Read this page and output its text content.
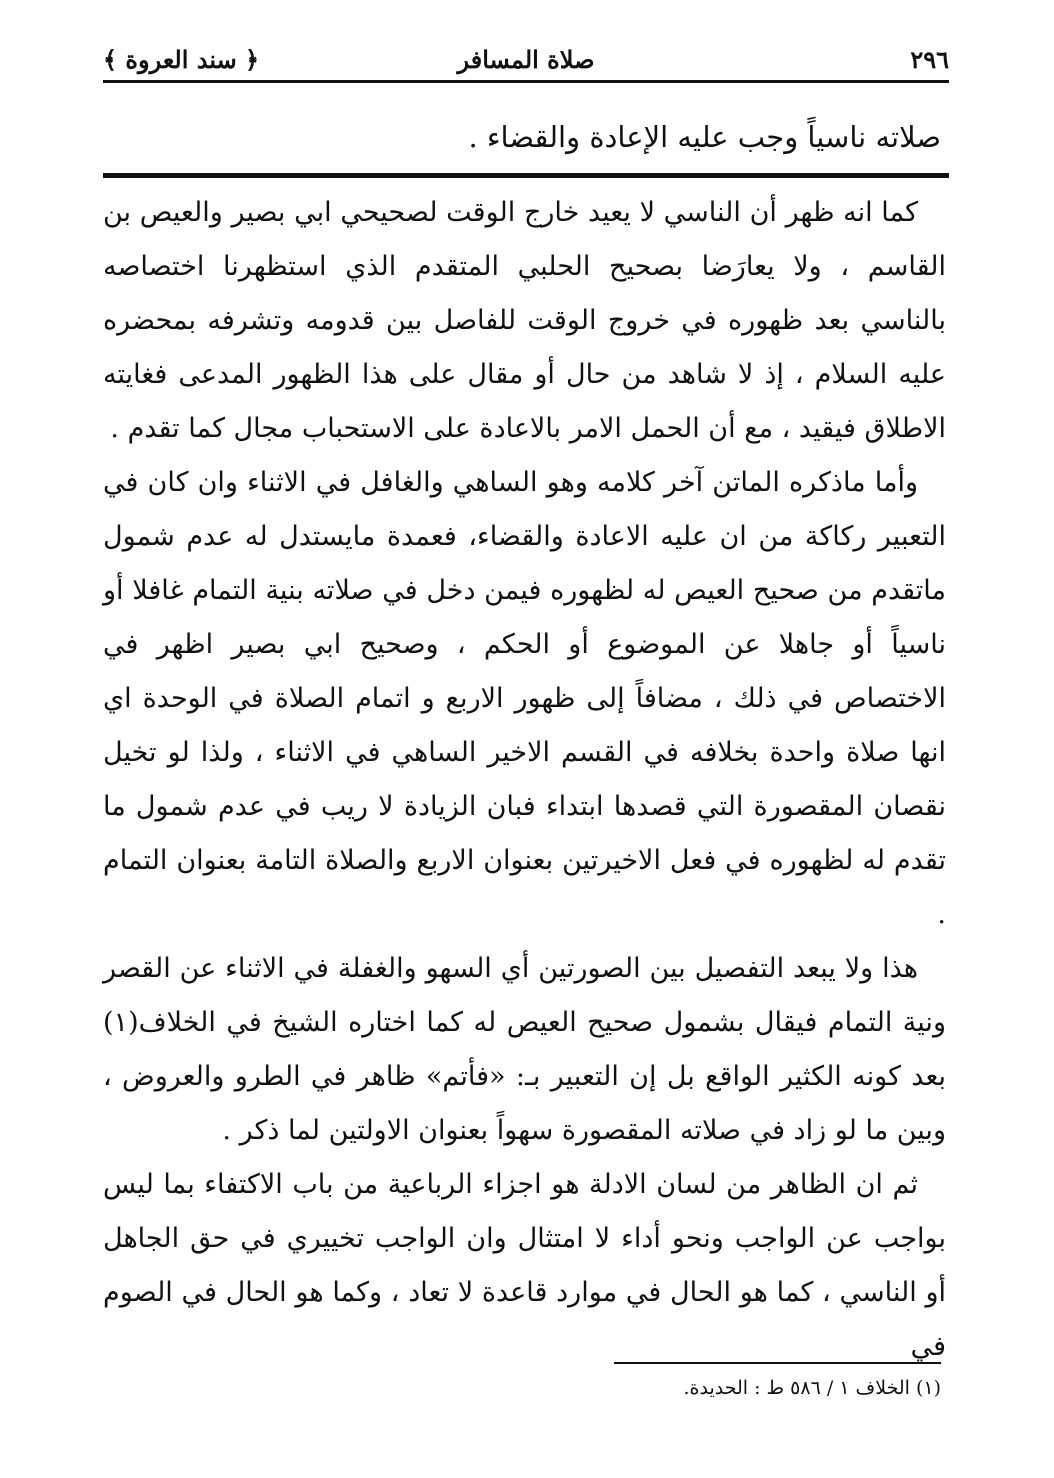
٢٩٦
صلاة المسافر
﴿ سند العروة ﴾
صلاته ناسياً وجب عليه الإعادة والقضاء .

كما انه ظهر أن الناسي لا يعيد خارج الوقت لصحيحي ابي بصير والعيص بن القاسم ، ولا يعارَضا بصحيح الحلبي المتقدم الذي استظهرنا اختصاصه بالناسي بعد ظهوره في خروج الوقت للفاصل بين قدومه وتشرفه بمحضره عليه السلام ، إذ لا شاهد من حال أو مقال على هذا الظهور المدعى فغايته الاطلاق فيقيد ، مع أن الحمل الامر بالاعادة على الاستحباب مجال كما تقدم .

وأما ماذكره الماتن آخر كلامه وهو الساهي والغافل في الاثناء وان كان في التعبير ركاكة من ان عليه الاعادة والقضاء، فعمدة مايستدل له عدم شمول ماتقدم من صحيح العيص له لظهوره فيمن دخل في صلاته بنية التمام غافلا أو ناسياً أو جاهلا عن الموضوع أو الحكم ، وصحيح ابي بصير اظهر في الاختصاص في ذلك ، مضافاً إلى ظهور الاربع و اتمام الصلاة في الوحدة اي انها صلاة واحدة بخلافه في القسم الاخير الساهي في الاثناء ، ولذا لو تخيل نقصان المقصورة التي قصدها ابتداء فبان الزيادة لا ريب في عدم شمول ما تقدم له لظهوره في فعل الاخيرتين بعنوان الاربع والصلاة التامة بعنوان التمام .

هذا ولا يبعد التفصيل بين الصورتين أي السهو والغفلة في الاثناء عن القصر ونية التمام فيقال بشمول صحيح العيص له كما اختاره الشيخ في الخلاف(١) بعد كونه الكثير الواقع بل إن التعبير بـ: «فأتم» ظاهر في الطرو والعروض ، وبين ما لو زاد في صلاته المقصورة سهواً بعنوان الاولتين لما ذكر .

ثم ان الظاهر من لسان الادلة هو اجزاء الرباعية من باب الاكتفاء بما ليس بواجب عن الواجب ونحو أداء لا امتثال وان الواجب تخييري في حق الجاهل أو الناسي ، كما هو الحال في موارد قاعدة لا تعاد ، وكما هو الحال في الصوم في

(١) الخلاف ١ / ٥٨٦ ط : الحديدة.
